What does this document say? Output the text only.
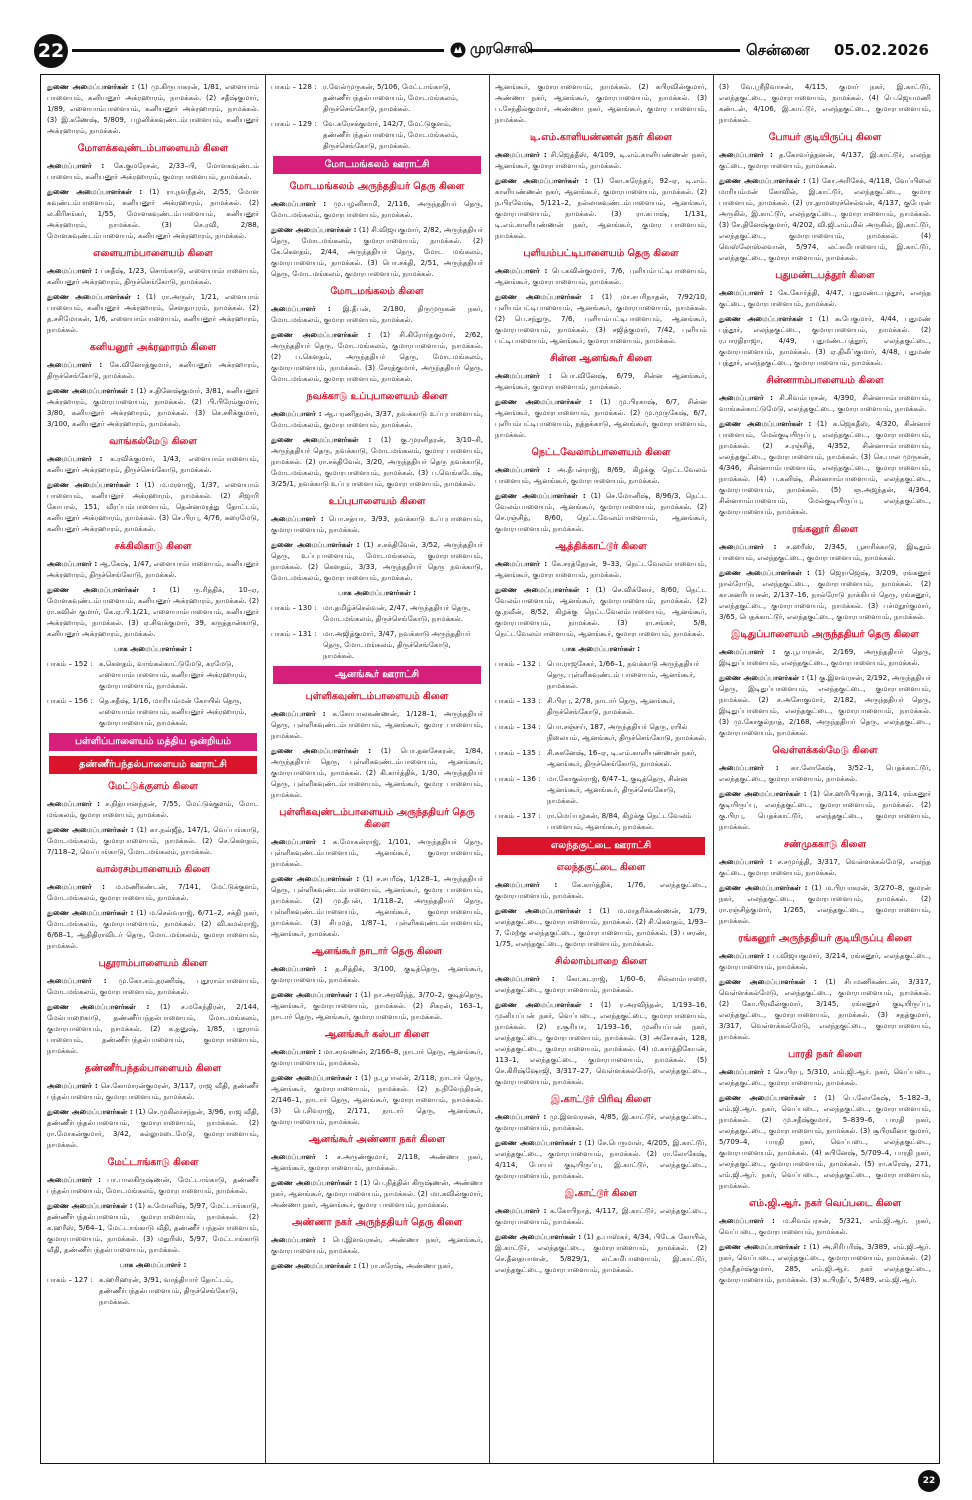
22	முரசொலி	சென்னை 05.02.2026
துணை அமைப்பாளர்கள் : (1) மு.கிருபாகரன், 1/81, எளையாம் பாளையம், கனியனூர் அக்ரஹாரம், நாமக்கல். (2) சதீஷ்குமார், 1/89, எளையாம்பாளையம், கனியனூர் அக்ரஹாரம், நாமக்கல். (3) இ.கணேஷ், 5/809, பழனிக்கவுண்டம்பாளையம், கனியனூர் அக்ரஹாரம், நாமக்கல்.
மோளக்கவுண்டம்பாளையம் கிளை
அமைப்பாளர் : கே.குமரேசன், 2/33–பி, மோளகவுண்டம் பாளையம், கனியனூர் அக்ரஹாரம், குமாரபாளையம், நாமக்கல்.
துணை அமைப்பாளர்கள் : (1) ரா.நவநீதன், 2/55, மோள கவுண்டம்பாளையம், கனியனூர் அக்ரஹாரம், நாமக்கல். (2) ல.கிரிசங்கர், 1/55, மோளகவுண்டம்பாளையம், கனியனூர் அக்ரஹாரம், நாமக்கல். (3) செ.ரவி, 2/88, மோளகவுண்டம்பாளையம், கனியனூர் அக்ரஹாரம், நாமக்கல்.
எளையாம்பாளையம் கிளை
அமைப்பாளர் : பசுதீஷ், 1/23, சொங்காடு, எளையாம்பாளையம், கனியனூர் அக்ரஹாரம், திருச்செங்கோடு, நாமக்கல்.
துணை அமைப்பாளர்கள் : (1) ரா.அருள், 1/21, எளையாம் பாளையம், கனியனூர் அக்ரஹாரம், சௌதாபுரம், நாமக்கல். (2) த.சசிமோகன், 1/6, எளையாம்பாளையம், கனியனூர் அக்ரஹாரம், நாமக்கல்.
கனியனூர் அக்ரஹாரம் கிளை
அமைப்பாளர் : கே.வினோத்குமார், கனியனூர் அக்ரஹாரம், திருச்செங்கோடு, நாமக்கல்.
துணை அமைப்பாளர்கள் : (1) ச.தினேஷ்குமார், 3/81, கனியனூர் அக்ரஹாரம், குமாரபாளையம், நாமக்கல். (2) பி.பிரேம்குமார், 3/80, கனியனூர் அக்ரஹாரம், நாமக்கல். (3) செ.சசிக்குமார், 3/100, கனியனூர் அக்ரஹாரம், நாமக்கல்.
வாங்கல்மேடு கிளை
அமைப்பாளர் : க.ரவிக்குமார், 1/43, எளையாம்பாளையம், கனியனூர் அக்ரஹாரம், திருச்செங்கோடு, நாமக்கல்.
துணை அமைப்பாளர்கள் : (1) ம.மரளாஜ், 1/37, எளையாம் பாளையம், கனியனூர் அக்ரஹாரம், நாமக்கல். (2) சிஜாரி கோபால், 151, வீரப்பம்பாளையம், தென்னமரத்து தோட்டம், கனியனூர் அக்ரஹாரம், நாமக்கல். (3) செ.பிரபு, 4/76, கரைமேடு, கனியனூர் அக்ரஹாரம், நாமக்கல்.
சக்கிலிகாடு கிளை
அமைப்பாளர் : ஆ.கேஷ், 1/47, எளையாம்பாளையம், கனியனூர் அக்ரஹாரம், திருச்செங்கோடு, நாமக்கல்.
துணை அமைப்பாளர்கள் : (1) ரு.ரித்திக், 10–ஏ, மோளகவுண்டம்பாளையம், கனியனூர் அக்ரஹாரம், நாமக்கல். (2) ரா.கவின் குமார், கே.ஏ.பி.1/21, எளையாம்பாளையம், கனியனூர் அக்ரஹாரம், நாமக்கல். (3) ஏ.சிவக்குமார், 39, கருத்தான்காடு, கனியனூர் அக்ரஹாரம், நாமக்கல்.
பாக அமைப்பாளர்கள் :
பாகம் – 152 : க.கௌதம், வாங்கல்காட்டுமேடு, கரமேடு, எளையாம்பாளையம், கனியனூர் அக்ரஹாரம், குமாரபாளையம், நாமக்கல்.
பாகம் – 156 : தெ.சதீஷ், 1/16, மாரியம்மன் கோயில் தெரு, எளையாம்பாளையம், கனியனூர் அக்ரஹாரம், குமாரபாளையம், நாமக்கல்.
பள்ளிப்பாளையம் மத்திய ஒன்றியம்
தண்ணீர்பந்தல்பாளையம் ஊராட்சி
மேட்டுக்குளம் கிளை
அமைப்பாளர் : ச.நித்யானந்தன், 7/55, மேட்டுக்குளம், மோட மங்கலம், குமாரபாளையம், நாமக்கல்.
துணை அமைப்பாளர்கள் : (1) கா.நவ்ஜீத், 147/1, வெப்பங்காடு, மோடமங்கலம், குமாரபாளையம், நாமக்கல். (2) செ.கௌதம், 7/118–2, வெப்பங்காடு, மோடமங்கலம், நாமக்கல்.
வால்ரசம்பாளையம் கிளை
அமைப்பாளர் : ம.மணிகண்டன், 7/141, மேட்டுக்குளம், மோடமங்கலம், குமாரபாளையம், நாமக்கல்.
துணை அமைப்பாளர்கள் : (1) ம.செல்வராஜ், 6/71–2, சக்தி நகர், மோடமங்கலம், குமாரபாளையம், நாமக்கல். (2) வி.கமல்ராஜ், 6/68–1, ஆதிதிராவிடர் தெரு, மோடமங்கலம், குமாரபாளையம், நாமக்கல்.
புதூராம்பாளையம் கிளை
அமைப்பாளர் : மு.கோ.சம்.தரணிஷ், புதூராம்பாளையம், மோடமங்கலம், குமாரபாளையம், நாமக்கல்.
துணை அமைப்பாளர்கள் : (1) ச.மகேந்திரன், 2/144, மேல்பாறைகாடு, தண்ணீர்பந்தல்பாளையம், மோடமங்கலம், குமாரபாளையம், நாமக்கல். (2) க.தனுஷ், 1/85, புதூராம் பாளையம், தண்ணீர்பந்தல்பாளையம், குமாரபாளையம், நாமக்கல்.
தண்ணீர்பந்தல்பாளையம் கிளை
அமைப்பாளர் : செ.கோமாரன்குமரன், 3/117, ராஜ வீதி, தண்ணீர் பந்தல்பாளையம், குமாரபாளையம், நாமக்கல்.
துணை அமைப்பாளர்கள் : (1) செ.முகிலர்சந்தன், 3/96, ராஜ வீதி, தண்ணீர்பந்தல்பாளையம், குமாரபாளையம், நாமக்கல். (2) ரா.மோகன்குமார், 3/42, கல்லுமடைமேடு, குமாரபாளையம், நாமக்கல்.
மேட்டாங்காடு கிளை
அமைப்பாளர் : பா.பாலகிருஷ்ணன், மேட்டாங்காடு, தண்ணீர் பந்தல்பாளையம், மோடமங்கலம், குமாரபாளையம், நாமக்கல்.
துணை அமைப்பாளர்கள் : (1) க.மோனிஷ், 5/97, மேட்டாங்காடு, தண்ணீர்பந்தல்பாளையம், குமாரபாளையம், நாமக்கல். (2) க.ஹரீஸ், 5/64–1, மேட்டாங்காடு வீதி, தண்ணீர் பந்தல்பாளையம், குமாரபாளையம், நாமக்கல். (3) மதுரிஸ், 5/97, மேட்டாங்காடு வீதி, தண்ணீர்பந்தல்பாளையம், நாமக்கல்.
பாக அமைப்பாளர் :
பாகம் – 127 : க.ஹரிஹரன், 3/91, வாத்தியார் தோட்டம், தண்ணீர்பந்தல்பாளையம், திருச்செங்கோடு, நாமக்கல்.
பாகம் – 128 : ர.வேல்முருகன், 5/106, மேட்டாங்காடு, தண்ணீர்பந்தல்பாளையம், மோடமங்கலம், திருச்செங்கோடு, நாமக்கல்.
பாகம் – 129 : வே.சுரேசக்குமார், 142/7, மேட்டுகுளம், தண்ணீர்பந்தல்பாளையம், மோடமங்கலம், திருச்செங்கோடு, நாமக்கல்.
மோடமங்கலம் ஊராட்சி
மோடமங்கலம் அருந்ததியர் தெரு கிளை
அமைப்பாளர் : மு.பழனிசாமி, 2/116, அருந்ததியர் தெரு, மோடமங்கலம், குமாரபாளையம், நாமக்கல்.
துணை அமைப்பாளர்கள் : (1) சி.விஜயகுமார், 2/82, அருந்ததியர் தெரு, மோடமங்கலம், குமாரபாளையம், நாமக்கல். (2) கே.கௌதம், 2/44, அருந்ததியர் தெரு, மோட மங்கலம், குமாரபாளையம், நாமக்கல். (3) பொ.சக்தி, 2/51, அருந்ததியர் தெரு, மோடமங்கலம், குமாரபாளையம், நாமக்கல்.
மோடமங்கலம் கிளை
அமைப்பாளர் : இ.தீபன், 2/180, திருமுருகன் நகர், மோடமங்கலம், குமாரபாளையம், நாமக்கல்.
துணை அமைப்பாளர்கள் : (1) சி.கிரோர்தகுமார், 2/62, அருந்ததியர் தெரு, மோடமங்கலம், குமாரபாளையம், நாமக்கல். (2) ப.கௌதம், அருந்ததியர் தெரு, மோடமங்கலம், குமாரபாளையம், நாமக்கல். (3) சேரத்குமார், அருந்ததியர் தெரு, மோடமங்கலம், குமாரபாளையம், நாமக்கல்.
நவக்காடு உப்புபாளையம் கிளை
அமைப்பாளர் : ஆ.பரணிதரன், 3/37, நவக்காடு உப்புபாளையம், மோடமங்கலம், குமாரபாளையம், நாமக்கல்.
துணை அமைப்பாளர்கள் : (1) கு.முரளிதரன், 3/10–சி, அருந்ததியர் தெரு, நவக்காடு, மோடமங்கலம், குமார பாளையம், நாமக்கல். (2) ரா.சக்திவேல், 3/20, அருந்ததியர் தெரு நவக்காடு, மோடமங்கலம், குமாரபாளையம், நாமக்கல். (3) ப.வெங்கடேஷ், 3/25/1, நவக்காடு உப்புபாளையம், குமாரபாளையம், நாமக்கல்.
உப்புபாளையம் கிளை
அமைப்பாளர் : பொ.சத்யா, 3/93, நவக்காடு உப்புபாளையம், குமாரபாளையம், நாமக்கல்.
துணை அமைப்பாளர்கள் : (1) ச.சக்திவேல், 3/52, அருந்ததியர் தெரு, உப்புபாளையம், மோடமங்கலம், குமாரபாளையம், நாமக்கல். (2) கௌதம், 3/33, அருந்ததியர் தெரு நவக்காடு, மோடமங்கலம், குமாரபாளையம், நாமக்கல்.
பாக அமைப்பாளர்கள் :
பாகம் – 130 : மா.தமிழ்ச்செல்வன், 2/47, அருந்ததியர் தெரு, மோடமங்கலம், திருச்செங்கோடு, நாமக்கல்.
பாகம் – 131 : மா.அஜித்குமார், 3/47, நவக்காடு அருந்ததியர் தெரு, மோடமங்கலம், திருச்செங்கோடு, நாமக்கல்.
ஆனங்கூர் ஊராட்சி
புள்ளிகவுண்டம்பாளையம் கிளை
அமைப்பாளர் : க.கோபாலகண்ணன், 1/128–1, அருந்ததியர் தெரு, புள்ளிகவுண்டம்பாளையம், ஆனங்கூர், குமார பாளையம், நாமக்கல்.
துணை அமைப்பாளர்கள் : (1) பொ.தனசேகரன், 1/84, அருந்ததியர் தெரு, புள்ளிகவுண்டம்பாளையம், ஆனங்கூர், குமாரபாளையம், நாமக்கல். (2) கி.கார்த்திக், 1/30, அருந்ததியர் தெரு, புள்ளிகவுண்டம்பாளையம், ஆனங்கூர், குமார பாளையம், நாமக்கல்.
புள்ளிகவுண்டம்பாளையம் அருந்ததியர் தெரு கிளை
அமைப்பாளர் : க.மோகன்ராஜ், 1/101, அருந்ததியர் தெரு, புள்ளிகவுண்டம்பாளையம், ஆனங்கூர், குமாரபாளையம், நாமக்கல்.
துணை அமைப்பாளர்கள் : (1) ச.சபரீஷ், 1/128–1, அருந்ததியர் தெரு, புள்ளிகவுண்டம்பாளையம், ஆனங்கூர், குமார பாளையம், நாமக்கல். (2) மு.தீபன், 1/118–2, அருந்ததியர் தெரு, புள்ளிகவுண்டம்பாளையம், ஆனங்கூர், குமாரபாளையம், நாமக்கல். (3) சிபுமத், 1/87–1, புள்ளிகவுண்டம்பாளையம், ஆனங்கூர், நாமக்கல்.
ஆனங்கூர் நாடார் தெரு கிளை
அமைப்பாளர் : த.சித்திக், 3/100, குடித்தெரு, ஆனங்கூர், குமாரபாளையம், நாமக்கல்.
துணை அமைப்பாளர்கள் : (1) நா.அரவிந்த், 3/70–2, குடித்தெரு, ஆனங்கூர், குமாரபாளையம், நாமக்கல். (2) சிகரன், 163–1, நாடார் தெரு, ஆனங்கூர், குமாரபாளையம், நாமக்கல்.
ஆனங்கூர் கஸ்பா கிளை
அமைப்பாளர் : மா.சரவணன், 2/166–8, நாடார் தெரு, ஆனங்கூர், குமாரபாளையம், நாமக்கல்.
துணை அமைப்பாளர்கள் : (1) ந.பூபாலன், 2/118, நாடார் தெரு, ஆனங்கூர், குமாரபாளையம், நாமக்கல். (2) ந.நிவேந்திரன், 2/146–1, நாடார் தெரு, ஆனங்கூர், குமாரபாளையம், நாமக்கல். (3) பெ.சிவராஜ், 2/171, நாடார் தெரு, ஆனங்கூர், குமாரபாளையம், நாமக்கல்.
ஆனங்கூர் அண்ணா நகர் கிளை
அமைப்பாளர் : ச.அருண்குமார், 2/118, அண்ணா நகர், ஆனங்கூர், குமாரபாளையம், நாமக்கல்.
துணை அமைப்பாளர்கள் : (1) பெ.நித்தின் கிருஷ்ணன், அண்ணா நகர், ஆனங்கூர், குமாரபாளையம், நாமக்கல். (2) மா.கவின்குமார், அண்ணா நகர், ஆனங்கூர், குமார பாளையம், நாமக்கல்.
அண்ணா நகர் அருந்ததியர் தெரு கிளை
அமைப்பாளர் : பெ.இளவரசன், அண்ணா நகர், ஆனங்கூர், குமாரபாளையம், நாமக்கல்.
துணை அமைப்பாளர்கள் : (1) ரா.கரேஷ், அண்ணா நகர்,
ஆனங்கூர், குமாரபாளையம், நாமக்கல். (2) கபிரவின்குமார், அண்ணா நகர், ஆனங்கூர், குமாரபாளையம், நாமக்கல். (3) ப.சேந்தில்குமார், அண்ணா நகர், ஆனங்கூர், குமார பாளையம், நாமக்கல்.
டி.எம்.காளியண்ணன் நகர் கிளை
அமைப்பாளர் : சி.ஜெத்தீஸ், 4/109, டி.எம்.காளியண்ணன் நகர், ஆனங்கூர், குமாரபாளையம், நாமக்கல்.
துணை அமைப்பாளர்கள் : (1) கோ.சுரேந்தர், 92–ஏ, டி.எம். காளியண்ணன் நகர், ஆனங்கூர், குமாரபாளையம், நாமக்கல். (2) ந.பிரவேஷ், 5/121–2, நல்லாகவுண்டம்பாளையம், ஆனங்கூர், குமாரபாளையம், நாமக்கல். (3) ரா.கபாஷ், 1/131, டி.எம்.காளியண்ணன் நகர், ஆனங்கூர், குமார பாளையம், நாமக்கல்.
புளியம்பட்டிபாளையம் தெரு கிளை
அமைப்பாளர் : பெ.கவின்குமார், 7/6, புளியம்பட்டிபாளையம், ஆனங்கூர், குமாரபாளையம், நாமக்கல்.
துணை அமைப்பாளர்கள் : (1) மா.சபரிநாதன், 7/92/10, புளியம்பட்டிபாளையம், ஆனங்கூர், குமாரபாளையம், நாமக்கல். (2) பெ.சந்துரு, 7/6, புளியம்பட்டிபாளையம், ஆனங்கூர், குமாரபாளையம், நாமக்கல். (3) சஜித்குமார், 7/42, புளியம் பட்டிபாளையம், ஆனங்கூர், குமாரபாளையம், நாமக்கல்.
சின்ன ஆனங்கூர் கிளை
அமைப்பாளர் : பொ.வினேஷ், 6/79, சின்ன ஆனங்கூர், ஆனங்கூர், குமாரபாளையம், நாமக்கல்.
துணை அமைப்பாளர்கள் : (1) மு.பிரகாஷ், 6/7, சின்ன ஆனங்கூர், குமாரபாளையம், நாமக்கல். (2) மு.முருகேஷ், 6/7, புளியம்பட்டிபாளையம், நத்தக்காடு, ஆனங்கூர், குமாரபாளையம், நாமக்கல்.
நெட்டவேலாம்பாளையம் கிளை
அமைப்பாளர் : அ.தீபன்ராஜ், 8/69, கிழக்கு நெட்டவேலம் பாளையம், ஆனங்கூர், குமாரபாளையம், நாமக்கல்.
துணை அமைப்பாளர்கள் : (1) செ.மோனிஷ், 8/96/3, நெட்ட வேலம்பாளையம், ஆனங்கூர், குமாரபாளையம், நாமக்கல். (2) செ.ரஞ்சித், 8/60, நெட்டவேலம்பாளையம், ஆனங்கூர், குமாரபாளையம், நாமக்கல்.
ஆத்திக்காட்டூர் கிளை
அமைப்பாளர் : கே.சரத்தேரன், 9–33, நெட்டவேலம்பாளையம், ஆனங்கூர், குமாரபாளையம், நாமக்கல்.
துணை அமைப்பாளர்கள் : (1) செ.விக்னேர், 8/60, நெட்ட வேலம்பாளையம், ஆனங்கூர், குமாரபாளையம், நாமக்கல். (2) கு.நவீன், 8/52, கிழக்கு நெட்டவேலம்பாளையம், ஆனங்கூர், குமாரபாளையம், நாமக்கல். (3) ரா.சங்கர், 5/8, நெட்டவேலம்பாளையம், ஆனங்கூர், குமாரபாளையம், நாமக்கல்.
பாக அமைப்பாளர்கள் :
பாகம் – 132 : பொ.ராஜசேகர், 1/66–1, நவக்காடு அருந்ததியர் தெரு, புள்ளிகவுண்டம் பாளையம், ஆனங்கூர், நாமக்கல்.
பாகம் – 133 : சி.பிரபு, 2/78, நாடார் தெரு, ஆனங்கூர், திருச்செங்கோடு, நாமக்கல்.
பாகம் – 134 : பொ.சஞ்சய், 187, அருந்ததியர் தெரு, ரயில் நிலையம், ஆனங்கூர், திருச்செங்கோடு, நாமக்கல்.
பாகம் – 135 : சி.சுகனேஷ், 16–ஏ, டி.எம்.காளியண்ணன் நகர், ஆனங்கூர், திருச்செங்கோடு, நாமக்கல்.
பாகம் – 136 : மா.கோகுல்ராஜ், 6/47–1, குடித்தெரு, சின்ன ஆனங்கூர், ஆனங்கூர், திருச்செங்கோடு, நாமக்கல்.
பாகம் – 137 : ரா.மெய்யழகன், 8/84, கிழக்கு நெட்டவேலம் பாளையம், ஆனங்கூர், நாமக்கல்.
எலந்தகுட்டை ஊராட்சி
எலந்தகுட்டை கிளை
அமைப்பாளர் : கே.கார்த்திக், 1/76, எலந்தகுட்டை, குமாரபாளையம், நாமக்கல்.
துணை அமைப்பாளர்கள் : (1) ம.மாதரிக்கண்ணன், 1/79, எலந்தகுட்டை, குமாரபாளையம், நாமக்கல். (2) சி.கௌதம், 1/93–7, மேற்கு எலந்தகுட்டை, குமாரபாளையம், நாமக்கல். (3) பசரண், 1/75, எலந்தகுட்டை, குமாரபாளையம், நாமக்கல்.
சில்லாம்பாறை கிளை
அமைப்பாளர் : கோ.கடராஜ், 1/60–6, சில்லாம்பாறை, எலந்தகுட்டை, குமாரபாளையம், நாமக்கல்.
துணை அமைப்பாளர்கள் : (1) ர.அரவிந்தன், 1/193–16, முனியப்பன் நகர், வெப்படை, எலந்தகுட்டை, குமாரபாளையம், நாமக்கல். (2) ர.சூரியா, 1/193–16, முனியப்பன் நகர், எலந்தகுட்டை, குமாரபாளையம், நாமக்கல். (3) அசோகன், 128, எலந்தகுட்டை, குமாரபாளையம், நாமக்கல். (4) ம.கார்த்திகேயன், 113–1, எலந்தகுட்டை, குமாரபாளையம், நாமக்கல். (5) செ.கிரிஷ்ஷோஜி, 3/317–27, வெள்ளக்கல்மேடு, எலந்தகுட்டை, குமாரபாளையம், நாமக்கல்.
இ.காட்டூர் பிரிவு கிளை
அமைப்பாளர் : மு.இளவரசன், 4/85, இ.காட்டூர், எலந்தகுட்டை, குமாரபாளையம், நாமக்கல்.
துணை அமைப்பாளர்கள் : (1) சே.பெருமாள், 4/205, இ.காட்டூர், எலந்தகுட்டை, குமாரபாளையம், நாமக்கல். (2) ரா.லோகேஷ், 4/114, போயர் குடியிருப்பு, இ.காட்டூர், எலந்தகுட்டை, குமாரபாளையம், நாமக்கல்.
இ.காட்டூர் கிளை
அமைப்பாளர் : க.கோபிநாத், 4/117, இ.காட்டூர், எலந்தகுட்டை, குமாரபாளையம், நாமக்கல்.
துணை அமைப்பாளர்கள் : (1) த.பாஸ்கர், 4/34, பிடேசு கோயில், இ.காட்டூர், எலந்தகுட்டை, குமாரபாளையம், நாமக்கல். (2) செ.தீனதயாளன், 5/829/1, லட்சுமிபாளையம், இ.காட்டூர், எலந்தகுட்டை, குமாரபாளையம், நாமக்கல்.
(3) வே.ஸ்ரீநிவாசன், 4/115, குமார் நகர், இ.காட்டூர், எலந்தகுட்டை, குமாரபாளையம், நாமக்கல். (4) பெ.ஜெயமணி கண்டன், 4/106, இ.காட்டூர், எலந்தகுட்டை, குமாரபாளையம், நாமக்கல்.
போயர் குடியிருப்பு கிளை
அமைப்பாளர் : த.கோவர்த்தனன், 4/137, இ.காட்டூர், எலந்த குட்டை, குமாரபாளையம், நாமக்கல்.
துணை அமைப்பாளர்கள் : (1) கோ.அரிசேக், 4/118, வேப்பிலை மாரியம்மன் கோவில், இ.காட்டூர், எலந்தகுட்டை, குமார பாளையம், நாமக்கல். (2) ரா.தாமரைச்செல்வன், 4/137, குபேரன் அருகில், இ.காட்டூர், எலந்தகுட்டை, குமாரபாளையம், நாமக்கல். (3) சே.தினேஷ்குமார், 4/202, வி.ஜி.எம்.மில் அருகில், இ.காட்டூர், எலந்தகுட்டை, குமாரபாளையம், நாமக்கல். (4) வெஸ்லோஸ்லவான், 5/974, லட்சுமிபாளையம், இ.காட்டூர், எலந்தகுட்டை, குமாரபாளையம், நாமக்கல்.
புதுமண்டபத்தூர் கிளை
அமைப்பாளர் : கே.கோர்த்தி, 4/47, புதுமண்டபத்தூர், எலந்த குட்டை, குமாரபாளையம், நாமக்கல்.
துணை அமைப்பாளர்கள் : (1) கூபேகுமார், 4/44, புதுமண் புத்தூர், எலந்தகுட்டை, குமாரபாளையம், நாமக்கல். (2) ர.பாரதிராஜா, 4/49, புதுமண்டபத்தூர், எலந்தகுட்டை, குமாரபாளையம், நாமக்கல். (3) ஏ.திலீப்குமார், 4/48, புதுமண் புத்தூர், எலந்தகுட்டை, குமாரபாளையம், நாமக்கல்.
சின்னாாம்பாளையம் கிளை
அமைப்பாளர் : சி.சிவம்பரசன், 4/390, சின்னாாம்பாளையம், வாங்கல்காட்டுமேடு, எலந்தகுட்டை, குமாரபாளையம், நாமக்கல்.
துணை அமைப்பாளர்கள் : (1) க.ஜெகதீஸ், 4/320, சின்னார் பாளையம், மேல்குடியிருப்பு, எலந்தகுட்டை, குமாரபாளையம், நாமக்கல். (2) ச.ரஞ்சித், 4/352, சின்னாாம்பாளையம், எலந்தகுட்டை, குமாரபாளையம், நாமக்கல். (3) செ.பால முருகன், 4/346, சின்னாாம்பாளையம், எலந்தகுட்டை, குமாரபாளையம், நாமக்கல். (4) ப.கனிஷ், சின்னாாம்பாளையம், எலந்தகுட்டை, குமாரபாளையம், நாமக்கல். (5) ஞ.அஜந்தன், 4/364, சின்னாாம்பாளையம், மேல்குடியிருப்பு, எலந்தகுட்டை, குமாரபாளையம், நாமக்கல்.
ரங்கனூர் கிளை
அமைப்பாளர் : ச.ஹரீஸ், 2/345, பூசாரிக்காடு, இடிதும் பாளையம், எலந்தகுட்டை, குமாரபாளையம், நாமக்கல்.
துணை அமைப்பாளர்கள் : (1) ஜெராஜெஷ், 3/209, ரங்கனூர் நால்ரோடு, எலந்தகுட்டை, குமாரபாளையம், நாமக்கல். (2) கா.கனரிபயசன், 2/137–16, நால்ரோடு நாக்கியர் தெரு, ரங்கனூர், எலந்தகுட்டை, குமாரபாளையம், நாமக்கல். (3) பச்மநூர்குமார், 3/65, பெதக்காட்டூர், எலந்தகுட்டை, குமாரபாளையம், நாமக்கல்.
இடிதுப்பாளையம் அருந்ததியர் தெரு கிளை
அமைப்பாளர் : கு.பூபாரசன், 2/169, அருந்ததியர் தெரு, இடிதுப்பாளையம், எலந்தகுட்டை, குமாரபாளையம், நாமக்கல்.
துணை அமைப்பாளர்கள் : (1) கு.இளவரசன், 2/192, அருந்ததியர் தெரு, இடிதுப்பாளையம், எலந்தகுட்டை, குமாரபாளையம், நாமக்கல். (2) ச.அசோகுமார், 2/182, அருந்ததியர் தெரு, இடிதுப்பாளையம், எலந்தகுட்டை, குமாரபாளையம், நாமக்கல். (3) மு.கோகுல்நாத், 2/168, அருந்ததியர் தெரு, எலந்தகுட்டை, குமாரபாளையம், நாமக்கல்.
வெள்ளக்கல்மேடு கிளை
அமைப்பாளர் : கா.லோகேஷ், 3/52–1, பெதக்காட்டூர், எலந்தகுட்டை, குமாரபாளையம், நாமக்கல்.
துணை அமைப்பாளர்கள் : (1) செ.ஹரிபிரசாத், 3/114, ரங்கனூர் குடியிருப்பு, எலந்தகுட்டை, குமாரபாளையம், நாமக்கல். (2) கு.பிரபு, பெதக்காட்டூர், எலந்தகுட்டை, குமாரபாளையம், நாமக்கல்.
சண்முககாடு கிளை
அமைப்பாளர் : ச.சமுர்த்தி, 3/317, வெள்ளக்கல்மேடு, எலந்த குட்டை, குமாரபாளையம், நாமக்கல்.
துணை அமைப்பாளர்கள் : (1) ம.பிரபாகரன், 3/270–8, குமரன் நகர், எலந்தகுட்டை, குமாரபாளையம், நாமக்கல். (2) ரா.ரஞ்சித்குமார், 1/265, எலந்தகுட்டை, குமாரபாளையம், நாமக்கல்.
ரங்கனூர் அருந்ததியர் குடியிருப்பு கிளை
அமைப்பாளர் : ப.விஜயகுமார், 3/214, ரங்கனூர், எலந்தகுட்டை, குமாரபாளையம், நாமக்கல்.
துணை அமைப்பாளர்கள் : (1) சிபமணிகண்டன், 3/317, வெள்ளக்கல்மேடு, எலந்தகுட்டை, குமாரபாளையம், நாமக்கல். (2) கோ.பிரவீன்குமார், 3/145, ரங்கனூர் குடியிருப்பு, எலந்தகுட்டை, குமாரபாளையம், நாமக்கல். (3) சதத்குமார், 3/317, வெள்ளக்கல்மேடு, எலந்தகுட்டை, குமாரபாளையம், நாமக்கல்.
பாரதி நகர் கிளை
அமைப்பாளர் : செ.பிரபு, 5/310, எம்.ஜி.ஆர். நகர், வெப்படை, எலந்தகுட்டை, குமாரபாளையம், நாமக்கல்.
துணை அமைப்பாளர்கள் : (1) பெ.லோகேஷ், 5–182–3, எம்.ஜி.ஆர். நகர், வெப்படை, எலந்தகுட்டை, குமாரபாளையம், நாமக்கல். (2) மு.சதீஷ்குமார், 5–839–6, பாரதி நகர், எலந்தகுட்டை, குமாரபாளையம், நாமக்கல். (3) சூபிரவீனா குமார், 5/709–4, பாரதி நகர், வெப்படை, எலந்தகுட்டை, குமாரபாளையம், நாமக்கல். (4) சுபினேஷ், 5/709–4, பாரதி நகர், எலந்தகுட்டை, குமாரபாளையம், நாமக்கல். (5) ரா.கரேஷ், 271, எம்.ஜி.ஆர். நகர், வெப்படை, எலந்தகுட்டை, குமாரபாளையம், நாமக்கல்.
எம்.ஜி.ஆர். நகர் வெப்படை கிளை
அமைப்பாளர் : ம.சிவம்பரசன், 5/321, எம்.ஜி.ஆர். நகர், வெப்படை, குமாரபாளையம், நாமக்கல்.
துணை அமைப்பாளர்கள் : (1) அ.சிரிபரிஷ், 3/389, எம்.ஜி.ஆர். நகர், வெப்படை, எலந்தகுட்டை, குமாரபாளையம், நாமக்கல். (2) முகநீதர்ஷ்குமார், 285, எம்.ஜி.ஆர். நகர் எலந்தகுட்டை, குமாரபாளையம், நாமக்கல். (3) க.பிரதீப், 5/489, எம்.ஜி.ஆர்.
22
